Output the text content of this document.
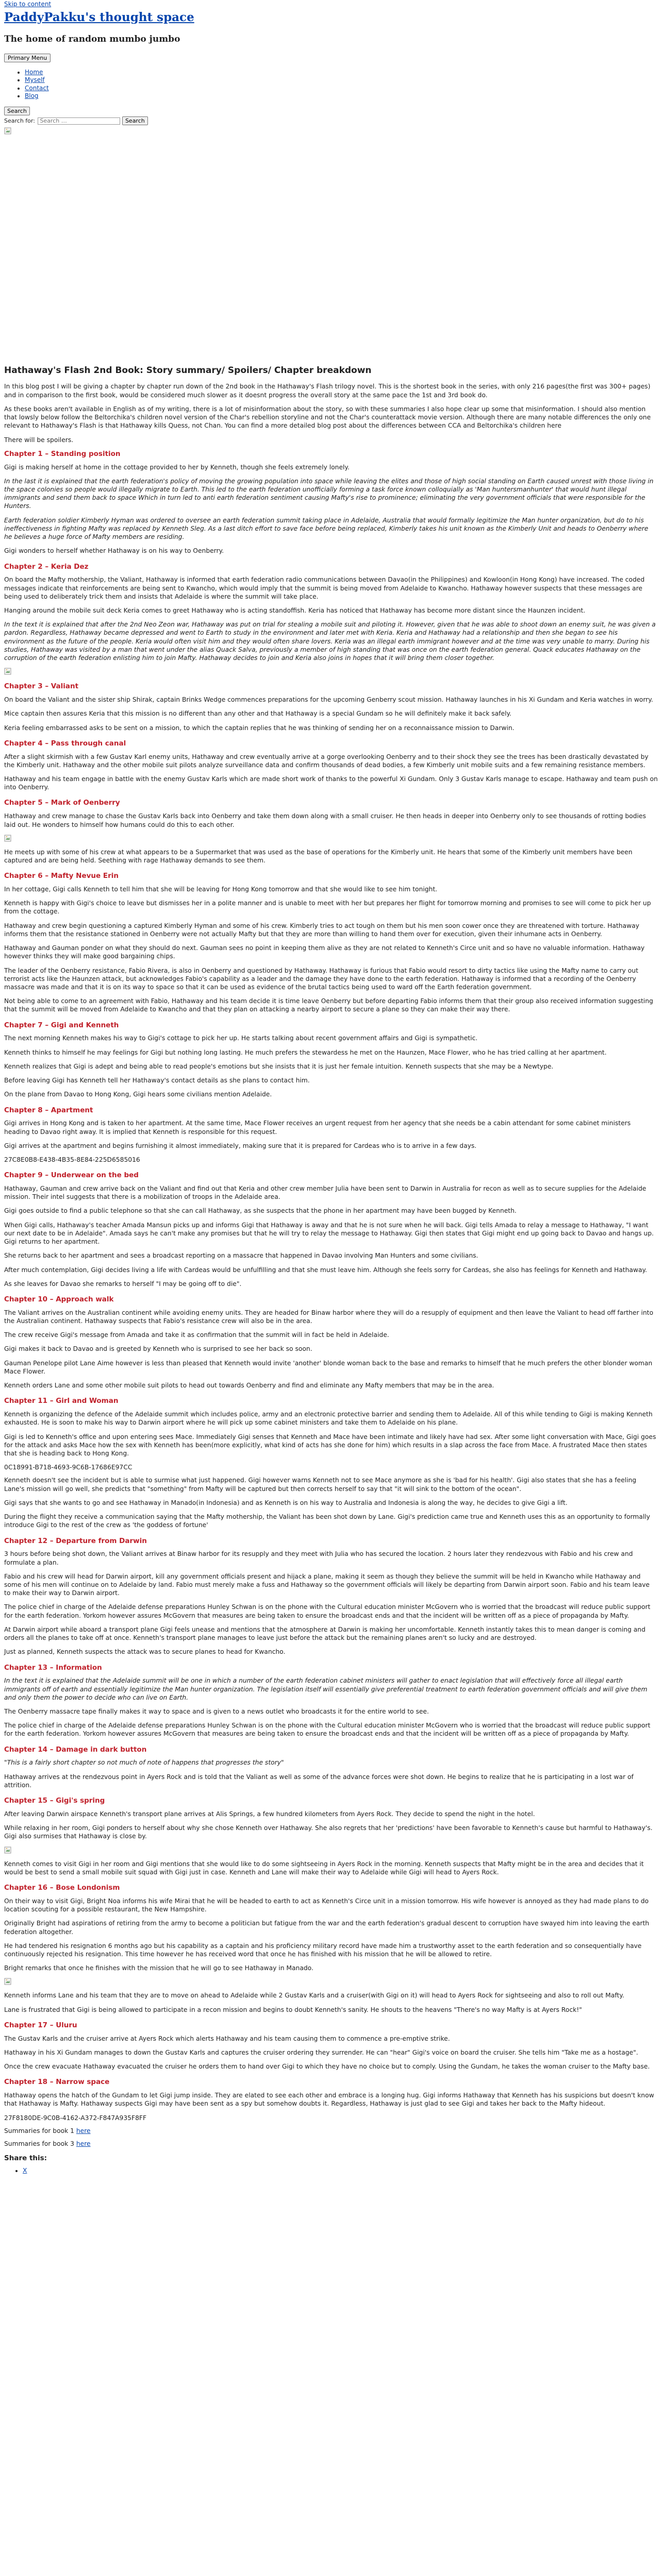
Skip to content
PaddyPakku's thought space

The home of random mumbo jumbo

Primary Menu
• Home
• Myself
• Contact
• Blog
Search
Search for: Search …	Search
Hathaway's Flash 2nd Book: Story summary/ Spoilers/ Chapter breakdown

In this blog post I will be giving a chapter by chapter run down of the 2nd book in the Hathaway's Flash trilogy novel. This is the shortest book in the series, with only 216 pages(the first was 300+ pages) and in comparison to the first book, would be considered much slower as it doesnt progress the overall story at the same pace the 1st and 3rd book do.

As these books aren't available in English as of my writing, there is a lot of misinformation about the story, so with these summaries I also hope clear up some that misinformation. I should also mention that lowsly below follow the Beltorchika's children novel version of the Char's rebellion storyline and not the Char's counterattack movie version. Although there are many notable differences the only one relevant to Hathaway's Flash is that Hathaway kills Quess, not Chan. You can find a more detailed blog post about the differences between CCA and Beltorchika's children here

There will be spoilers.

Chapter 1 – Standing position

Gigi is making herself at home in the cottage provided to her by Kenneth, though she feels extremely lonely.

In the last it is explained that the earth federation's policy of moving the growing population into space while leaving the elites and those of high social standing on Earth caused unrest with those living in the space colonies so people would illegally migrate to Earth. This led to the earth federation unofficially forming a task force known colloquially as 'Man huntersmanhunter' that would hunt illegal immigrants and send them back to space Which in turn led to anti earth federation sentiment causing Mafty's rise to prominence; eliminating the very government officials that were responsible for the Hunters.

Earth federation soldier Kimberly Hyman was ordered to oversee an earth federation summit taking place in Adelaide, Australia that would formally legitimize the Man hunter organization, but do to his ineffectiveness in fighting Mafty was replaced by Kenneth Sleg. As a last ditch effort to save face before being replaced, Kimberly takes his unit known as the Kimberly Unit and heads to Oenberry where he believes a huge force of Mafty members are residing.

Gigi wonders to herself whether Hathaway is on his way to Oenberry.

Chapter 2 – Keria Dez

On board the Mafty mothership, the Valiant, Hathaway is informed that earth federation radio communications between Davao(in the Philippines) and Kowloon(in Hong Kong) have increased. The coded messages indicate that reinforcements are being sent to Kwancho, which would imply that the summit is being moved from Adelaide to Kwancho. Hathaway however suspects that these messages are being used to deliberately trick them and insists that Adelaide is where the summit will take place.

Hanging around the mobile suit deck Keria comes to greet Hathaway who is acting standoffish. Keria has noticed that Hathaway has become more distant since the Haunzen incident.

In the text it is explained that after the 2nd Neo Zeon war, Hathaway was put on trial for stealing a mobile suit and piloting it. However, given that he was able to shoot down an enemy suit, he was given a pardon. Regardless, Hathaway became depressed and went to Earth to study in the environment and later met with Keria. Keria and Hathaway had a relationship and then she began to see his environment as the future of the people. Keria would often visit him and they would often share lovers. Keria was an illegal earth immigrant however and at the time was very unable to marry. During his studies, Hathaway was visited by a man that went under the alias Quack Salva, previously a member of high standing that was once on the earth federation general. Quack educates Hathaway on the corruption of the earth federation enlisting him to join Mafty. Hathaway decides to join and Keria also joins in hopes that it will bring them closer together.

Chapter 3 – Valiant

On board the Valiant and the sister ship Shirak, captain Brinks Wedge commences preparations for the upcoming Genberry scout mission. Hathaway launches in his Xi Gundam and Keria watches in worry.

Mice captain then assures Keria that this mission is no different than any other and that Hathaway is a special Gundam so he will definitely make it back safely.

Keria feeling embarrassed asks to be sent on a mission, to which the captain replies that he was thinking of sending her on a reconnaissance mission to Darwin.

Chapter 4 – Pass through canal

After a slight skirmish with a few Gustav Karl enemy units, Hathaway and crew eventually arrive at a gorge overlooking Oenberry and to their shock they see the trees has been drastically devastated by the Kimberly unit. Hathaway and the other mobile suit pilots analyze surveillance data and confirm thousands of dead bodies, a few Kimberly unit mobile suits and a few remaining resistance members.

Hathaway and his team engage in battle with the enemy Gustav Karls which are made short work of thanks to the powerful Xi Gundam. Only 3 Gustav Karls manage to escape. Hathaway and team push on into Oenberry.

Chapter 5 – Mark of Oenberry

Hathaway and crew manage to chase the Gustav Karls back into Oenberry and take them down along with a small cruiser. He then heads in deeper into Oenberry only to see thousands of rotting bodies laid out. He wonders to himself how humans could do this to each other.

He meets up with some of his crew at what appears to be a Supermarket that was used as the base of operations for the Kimberly unit. He hears that some of the Kimberly unit members have been captured and are being held. Seething with rage Hathaway demands to see them.

Chapter 6 – Mafty Nevue Erin

In her cottage, Gigi calls Kenneth to tell him that she will be leaving for Hong Kong tomorrow and that she would like to see him tonight.

Kenneth is happy with Gigi's choice to leave but dismisses her in a polite manner and is unable to meet with her but prepares her flight for tomorrow morning and promises to see will come to pick her up from the cottage.

Hathaway and crew begin questioning a captured Kimberly Hyman and some of his crew. Kimberly tries to act tough on them but his men soon cower once they are threatened with torture. Hathaway informs them that the resistance stationed in Oenberry were not actually Mafty but that they are more than willing to hand them over for execution, given their inhumane acts in Oenberry.

Hathaway and Gauman ponder on what they should do next. Gauman sees no point in keeping them alive as they are not related to Kenneth's Circe unit and so have no valuable information. Hathaway however thinks they will make good bargaining chips.

The leader of the Oenberry resistance, Fabio Rivera, is also in Oenberry and questioned by Hathaway. Hathaway is furious that Fabio would resort to dirty tactics like using the Mafty name to carry out terrorist acts like the Haunzen attack, but acknowledges Fabio's capability as a leader and the damage they have done to the earth federation. Hathaway is informed that a recording of the Oenberry massacre was made and that it is on its way to space so that it can be used as evidence of the brutal tactics being used to ward off the Earth federation government.

Not being able to come to an agreement with Fabio, Hathaway and his team decide it is time leave Oenberry but before departing Fabio informs them that their group also received information suggesting that the summit will be moved from Adelaide to Kwancho and that they plan on attacking a nearby airport to secure a plane so they can make their way there.

Chapter 7 – Gigi and Kenneth

The next morning Kenneth makes his way to Gigi's cottage to pick her up. He starts talking about recent government affairs and Gigi is sympathetic.

Kenneth thinks to himself he may feelings for Gigi but nothing long lasting. He much prefers the stewardess he met on the Haunzen, Mace Flower, who he has tried calling at her apartment.

Kenneth realizes that Gigi is adept and being able to read people's emotions but she insists that it is just her female intuition. Kenneth suspects that she may be a Newtype.

Before leaving Gigi has Kenneth tell her Hathaway's contact details as she plans to contact him.

On the plane from Davao to Hong Kong, Gigi hears some civilians mention Adelaide.

Chapter 8 – Apartment

Gigi arrives in Hong Kong and is taken to her apartment. At the same time, Mace Flower receives an urgent request from her agency that she needs be a cabin attendant for some cabinet ministers heading to Davao right away. It is implied that Kenneth is responsible for this request.

Gigi arrives at the apartment and begins furnishing it almost immediately, making sure that it is prepared for Cardeas who is to arrive in a few days.

27C8E0B8-E438-4B35-8E84-225D6585016

Chapter 9 – Underwear on the bed

Hathaway, Gauman and crew arrive back on the Valiant and find out that Keria and other crew member Julia have been sent to Darwin in Australia for recon as well as to secure supplies for the Adelaide mission. Their intel suggests that there is a mobilization of troops in the Adelaide area.

Gigi goes outside to find a public telephone so that she can call Hathaway, as she suspects that the phone in her apartment may have been bugged by Kenneth.

When Gigi calls, Hathaway's teacher Amada Mansun picks up and informs Gigi that Hathaway is away and that he is not sure when he will back. Gigi tells Amada to relay a message to Hathaway, "I want our next date to be in Adelaide". Amada says he can't make any promises but that he will try to relay the message to Hathaway. Gigi then states that Gigi might end up going back to Davao and hangs up. Gigi returns to her apartment.

She returns back to her apartment and sees a broadcast reporting on a massacre that happened in Davao involving Man Hunters and some civilians.

After much contemplation, Gigi decides living a life with Cardeas would be unfulfilling and that she must leave him. Although she feels sorry for Cardeas, she also has feelings for Kenneth and Hathaway.

As she leaves for Davao she remarks to herself "I may be going off to die".

Chapter 10 – Approach walk

The Valiant arrives on the Australian continent while avoiding enemy units. They are headed for Binaw harbor where they will do a resupply of equipment and then leave the Valiant to head off farther into the Australian continent. Hathaway suspects that Fabio's resistance crew will also be in the area.

The crew receive Gigi's message from Amada and take it as confirmation that the summit will in fact be held in Adelaide.

Gigi makes it back to Davao and is greeted by Kenneth who is surprised to see her back so soon.

Gauman Penelope pilot Lane Aime however is less than pleased that Kenneth would invite 'another' blonde woman back to the base and remarks to himself that he much prefers the other blonder woman Mace Flower.

Kenneth orders Lane and some other mobile suit pilots to head out towards Oenberry and find and eliminate any Mafty members that may be in the area.

Chapter 11 – Girl and Woman

Kenneth is organizing the defence of the Adelaide summit which includes police, army and an electronic protective barrier and sending them to Adelaide. All of this while tending to Gigi is making Kenneth exhausted. He is soon to make his way to Darwin airport where he will pick up some cabinet ministers and take them to Adelaide on his plane.

Gigi is led to Kenneth's office and upon entering sees Mace. Immediately Gigi senses that Kenneth and Mace have been intimate and likely have had sex. After some light conversation with Mace, Gigi goes for the attack and asks Mace how the sex with Kenneth has been(more explicitly, what kind of acts has she done for him) which results in a slap across the face from Mace. A frustrated Mace then states that she is heading back to Hong Kong.

0C18991-B718-4693-9C6B-17686E97CC

Kenneth doesn't see the incident but is able to surmise what just happened. Gigi however warns Kenneth not to see Mace anymore as she is 'bad for his health'. Gigi also states that she has a feeling Lane's mission will go well, she predicts that "something" from Mafty will be captured but then corrects herself to say that "it will sink to the bottom of the ocean".

Gigi says that she wants to go and see Hathaway in Manado(in Indonesia) and as Kenneth is on his way to Australia and Indonesia is along the way, he decides to give Gigi a lift.

During the flight they receive a communication saying that the Mafty mothership, the Valiant has been shot down by Lane. Gigi's prediction came true and Kenneth uses this as an opportunity to formally introduce Gigi to the rest of the crew as 'the goddess of fortune'

Chapter 12 – Departure from Darwin

3 hours before being shot down, the Valiant arrives at Binaw harbor for its resupply and they meet with Julia who has secured the location. 2 hours later they rendezvous with Fabio and his crew and formulate a plan.

Fabio and his crew will head for Darwin airport, kill any government officials present and hijack a plane, making it seem as though they believe the summit will be held in Kwancho while Hathaway and some of his men will continue on to Adelaide by land. Fabio must merely make a fuss and Hathaway so the government officials will likely be departing from Darwin airport soon. Fabio and his team leave to make their way to Darwin airport.

The police chief in charge of the Adelaide defense preparations Hunley Schwan is on the phone with the Cultural education minister McGovern who is worried that the broadcast will reduce public support for the earth federation. Yorkom however assures McGovern that measures are being taken to ensure the broadcast ends and that the incident will be written off as a piece of propaganda by Mafty.

At Darwin airport while aboard a transport plane Gigi feels unease and mentions that the atmosphere at Darwin is making her uncomfortable. Kenneth instantly takes this to mean danger is coming and orders all the planes to take off at once. Kenneth's transport plane manages to leave just before the attack but the remaining planes aren't so lucky and are destroyed.

Just as planned, Kenneth suspects the attack was to secure planes to head for Kwancho.

Chapter 13 – Information

In the text it is explained that the Adelaide summit will be one in which a number of the earth federation cabinet ministers will gather to enact legislation that will effectively force all illegal earth immigrants off of earth and essentially legitimize the Man hunter organization. The legislation itself will essentially give preferential treatment to earth federation government officials and will give them and only them the power to decide who can live on Earth.

The Oenberry massacre tape finally makes it way to space and is given to a news outlet who broadcasts it for the entire world to see.

The police chief in charge of the Adelaide defense preparations Hunley Schwan is on the phone with the Cultural education minister McGovern who is worried that the broadcast will reduce public support for the earth federation. Yorkom however assures McGovern that measures are being taken to ensure the broadcast ends and that the incident will be written off as a piece of propaganda by Mafty.

Chapter 14 – Damage in dark button

"This is a fairly short chapter so not much of note of happens that progresses the story"

Hathaway arrives at the rendezvous point in Ayers Rock and is told that the Valiant as well as some of the advance forces were shot down. He begins to realize that he is participating in a lost war of attrition.

Chapter 15 – Gigi's spring

After leaving Darwin airspace Kenneth's transport plane arrives at Alis Springs, a few hundred kilometers from Ayers Rock. They decide to spend the night in the hotel.

While relaxing in her room, Gigi ponders to herself about why she chose Kenneth over Hathaway. She also regrets that her 'predictions' have been favorable to Kenneth's cause but harmful to Hathaway's. Gigi also surmises that Hathaway is close by.

Kenneth comes to visit Gigi in her room and Gigi mentions that she would like to do some sightseeing in Ayers Rock in the morning. Kenneth suspects that Mafty might be in the area and decides that it would be best to send a small mobile suit squad with Gigi just in case. Kenneth and Lane will make their way to Adelaide while Gigi will head to Ayers Rock.

Chapter 16 – Bose Londonism

On their way to visit Gigi, Bright Noa informs his wife Mirai that he will be headed to earth to act as Kenneth's Circe unit in a mission tomorrow. His wife however is annoyed as they had made plans to do location scouting for a possible restaurant, the New Hampshire.

Originally Bright had aspirations of retiring from the army to become a politician but fatigue from the war and the earth federation's gradual descent to corruption have swayed him into leaving the earth federation altogether.

He had tendered his resignation 6 months ago but his capability as a captain and his proficiency military record have made him a trustworthy asset to the earth federation and so consequentially have continuously rejected his resignation. This time however he has received word that once he has finished with his mission that he will be allowed to retire.

Bright remarks that once he finishes with the mission that he will go to see Hathaway in Manado.

Kenneth informs Lane and his team that they are to move on ahead to Adelaide while 2 Gustav Karls and a cruiser(with Gigi on it) will head to Ayers Rock for sightseeing and also to roll out Mafty.

Lane is frustrated that Gigi is being allowed to participate in a recon mission and begins to doubt Kenneth's sanity. He shouts to the heavens "There's no way Mafty is at Ayers Rock!"

Chapter 17 – Uluru

The Gustav Karls and the cruiser arrive at Ayers Rock which alerts Hathaway and his team causing them to commence a pre-emptive strike.

Hathaway in his Xi Gundam manages to down the Gustav Karls and captures the cruiser ordering they surrender. He can "hear" Gigi's voice on board the cruiser. She tells him "Take me as a hostage".

Once the crew evacuate Hathaway evacuated the cruiser he orders them to hand over Gigi to which they have no choice but to comply. Using the Gundam, he takes the woman cruiser to the Mafty base.

Chapter 18 – Narrow space

Hathaway opens the hatch of the Gundam to let Gigi jump inside. They are elated to see each other and embrace is a longing hug. Gigi informs Hathaway that Kenneth has his suspicions but doesn't know that Hathaway is Mafty. Hathaway suspects Gigi may have been sent as a spy but somehow doubts it. Regardless, Hathaway is just glad to see Gigi and takes her back to the Mafty hideout.

27F8180DE-9C0B-4162-A372-F847A935F8FF

Summaries for book 1 here

Summaries for book 3 here

Share this:
• X
